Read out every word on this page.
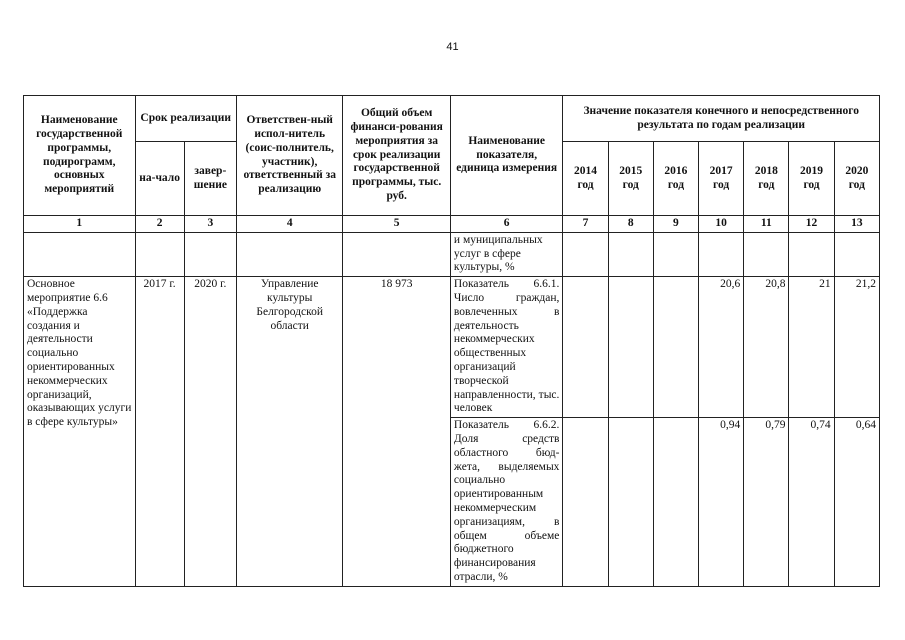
41
Наименование государственной программы, подирограмм, основных мероприятий	Срок реализации		Ответствен-ный испол-нитель (соис-полнитель, участник), ответственный за реализацию	Общий объем финанси-рования мероприятия за срок реализации государственной программы, тыс. руб.	Наименование показателя, единица измерения	Значение показателя конечного и непосредственного результата по годам реализации						
	на-чало	завер-шение				2014 год	2015 год	2016 год	2017 год	2018 год	2019 год	2020 год
1	2	3	4	5	6	7	8	9	10	11	12	13
					и муниципальных услуг в сфере культуры, %							
Основное мероприятие 6.6 «Поддержка создания и деятельности социально ориентированных некоммерческих организаций, оказывающих услуги в сфере культуры»	2017 г.	2020 г.	Управление культуры Белгородской области	18 973	Показатель 6.6.1. Число граждан, вовлеченных в деятельность некоммерческих общественных организаций творческой направленности, тыс. человек				20,6	20,8	21	21,2
					Показатель 6.6.2. Доля средств областного бюд-жета, выделяемых социально ориентированным некоммерческим организациям, в общем объеме бюджетного финансирования отрасли, %				0,94	0,79	0,74	0,64
